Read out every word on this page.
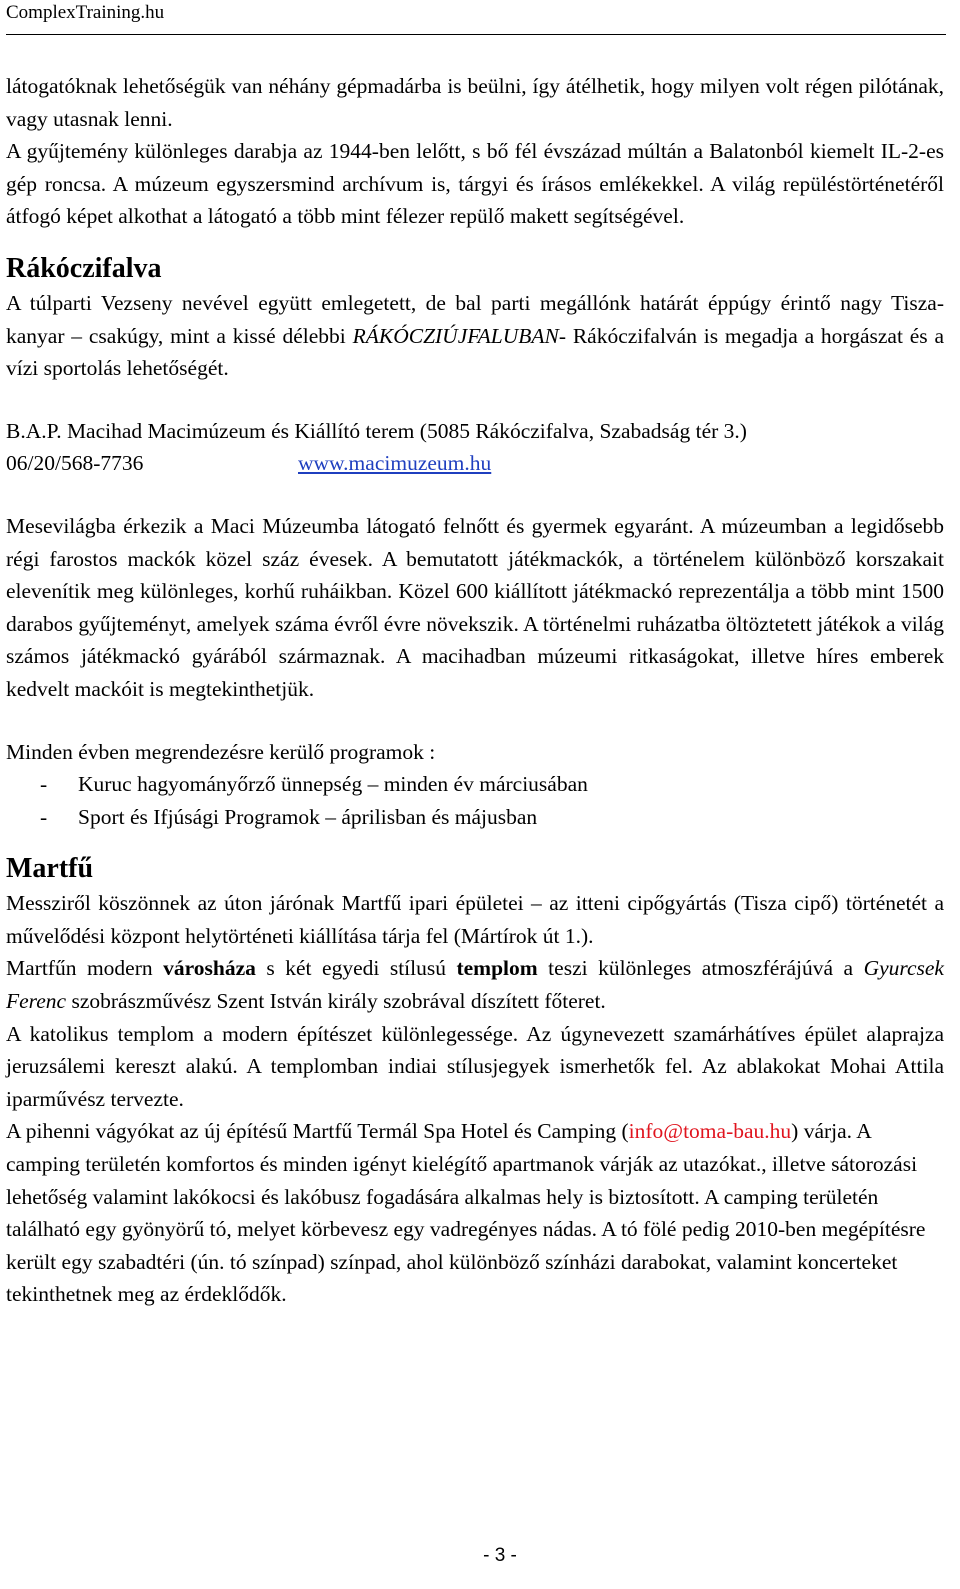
ComplexTraining.hu

látogatóknak lehetőségük van néhány gépmadárba is beülni, így átélhetik, hogy milyen volt régen pilótának, vagy utasnak lenni.

A gyűjtemény különleges darabja az 1944-ben lelőtt, s bő fél évszázad múltán a Balatonból kiemelt IL-2-es gép roncsa. A múzeum egyszersmind archívum is, tárgyi és írásos emlékekkel. A világ repüléstörténetéről átfogó képet alkothat a látogató a több mint félezer repülő makett segítségével.

Rákóczifalva

A túlparti Vezseny nevével együtt emlegetett, de bal parti megállónk határát éppúgy érintő nagy Tisza-kanyar – csakúgy, mint a kissé délebbi RÁKÓCZIÚJFALUBAN- Rákóczifalván is megadja a horgászat és a vízi sportolás lehetőségét.

B.A.P. Macihad Macimúzeum és Kiállító terem (5085 Rákóczifalva, Szabadság tér 3.)

06/20/568-7736	www.macimuzeum.hu

Mesevilágba érkezik a Maci Múzeumba látogató felnőtt és gyermek egyaránt. A múzeumban a legidősebb régi farostos mackók közel száz évesek. A bemutatott játékmackók, a történelem különböző korszakait elevenítik meg különleges, korhű ruháikban. Közel 600 kiállított játékmackó reprezentálja a több mint 1500 darabos gyűjteményt, amelyek száma évről évre növekszik. A történelmi ruházatba öltöztetett játékok a világ számos játékmackó gyárából származnak. A macihadban múzeumi ritkaságokat, illetve híres emberek kedvelt mackóit is megtekinthetjük.

Minden évben megrendezésre kerülő programok :

-	Kuruc hagyományőrző ünnepség – minden év márciusában
-	Sport és Ifjúsági Programok – áprilisban és májusban
Martfű

Messziről köszönnek az úton járónak Martfű ipari épületei – az itteni cipőgyártás (Tisza cipő) történetét a művelődési központ helytörténeti kiállítása tárja fel (Mártírok út 1.).

Martfűn modern városháza s két egyedi stílusú templom teszi különleges atmoszférájúvá a Gyurcsek Ferenc szobrászművész Szent István király szobrával díszített főteret.

A katolikus templom a modern építészet különlegessége. Az úgynevezett szamárhátíves épület alaprajza jeruzsálemi kereszt alakú. A templomban indiai stílusjegyek ismerhetők fel. Az ablakokat Mohai Attila iparművész tervezte.

A pihenni vágyókat az új építésű Martfű Termál Spa Hotel és Camping (info@toma-bau.hu) várja. A camping területén komfortos és minden igényt kielégítő apartmanok várják az utazókat., illetve sátorozási lehetőség valamint lakókocsi és lakóbusz fogadására alkalmas hely is biztosított. A camping területén található egy gyönyörű tó, melyet körbevesz egy vadregényes nádas. A tó fölé pedig 2010-ben megépítésre került egy szabadtéri (ún. tó színpad) színpad, ahol különböző színházi darabokat, valamint koncerteket tekinthetnek meg az érdeklődők.

- 3 -
